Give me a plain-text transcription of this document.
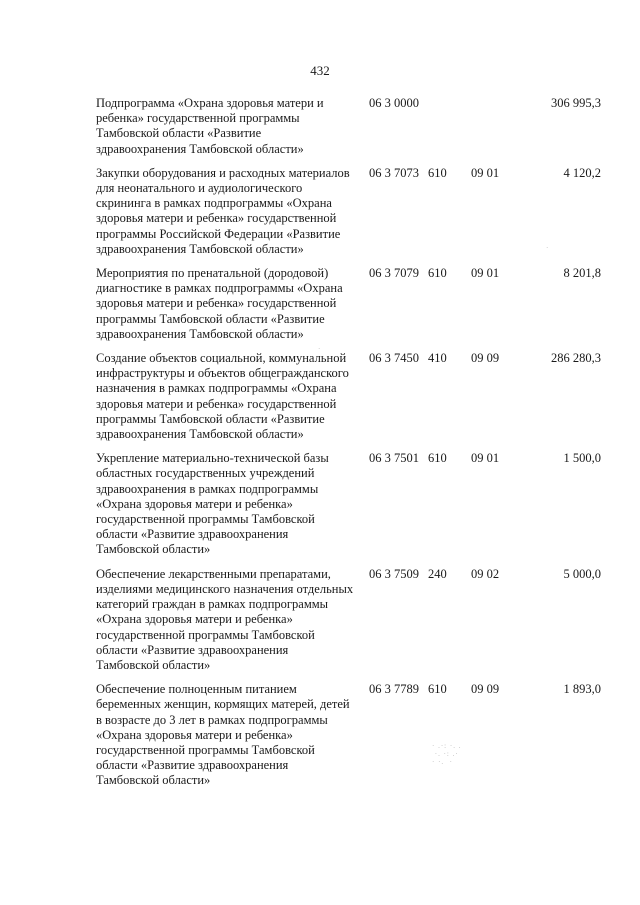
432
Подпрограмма «Охрана здоровья матери и ребенка» государственной программы Тамбовской области «Развитие здравоохранения Тамбовской области»
06 3 0000	306 995,3
Закупки оборудования и расходных материалов для неонатального и аудиологического скрининга в рамках подпрограммы «Охрана здоровья матери и ребенка» государственной программы Российской Федерации «Развитие здравоохранения Тамбовской области»
06 3 7073 610 09 01	4 120,2
Мероприятия по пренатальной (дородовой) диагностике в рамках подпрограммы «Охрана здоровья матери и ребенка» государственной программы Тамбовской области «Развитие здравоохранения Тамбовской области»
06 3 7079 610 09 01	8 201,8
Создание объектов социальной, коммунальной инфраструктуры и объектов общегражданского назначения в рамках подпрограммы «Охрана здоровья матери и ребенка» государственной программы Тамбовской области «Развитие здравоохранения Тамбовской области»
06 3 7450 410 09 09	286 280,3
Укрепление материально-технической базы областных государственных учреждений здравоохранения в рамках подпрограммы «Охрана здоровья матери и ребенка» государственной программы Тамбовской области «Развитие здравоохранения Тамбовской области»
06 3 7501 610 09 01	1 500,0
Обеспечение лекарственными препаратами, изделиями медицинского назначения отдельных категорий граждан в рамках подпрограммы «Охрана здоровья матери и ребенка» государственной программы Тамбовской области «Развитие здравоохранения Тамбовской области»
06 3 7509 240 09 02	5 000,0
Обеспечение полноценным питанием беременных женщин, кормящих матерей, детей в возрасте до 3 лет в рамках подпрограммы «Охрана здоровья матери и ребенка» государственной программы Тамбовской области «Развитие здравоохранения Тамбовской области»
06 3 7789 610 09 09	1 893,0
· .·: ·. .
·. ·: .·
· ·.  ·
·
·
